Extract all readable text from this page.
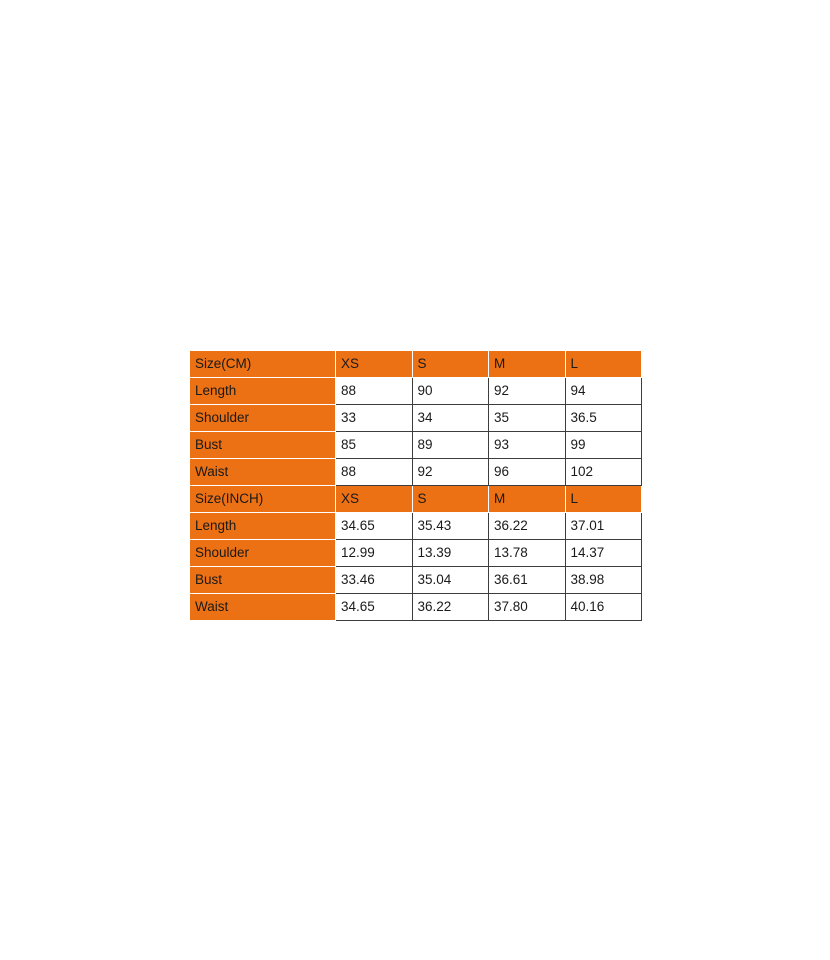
Size(CM)	XS	S	M	L
Length	88	90	92	94
Shoulder	33	34	35	36.5
Bust	85	89	93	99
Waist	88	92	96	102
Size(INCH)	XS	S	M	L
Length	34.65	35.43	36.22	37.01
Shoulder	12.99	13.39	13.78	14.37
Bust	33.46	35.04	36.61	38.98
Waist	34.65	36.22	37.80	40.16
